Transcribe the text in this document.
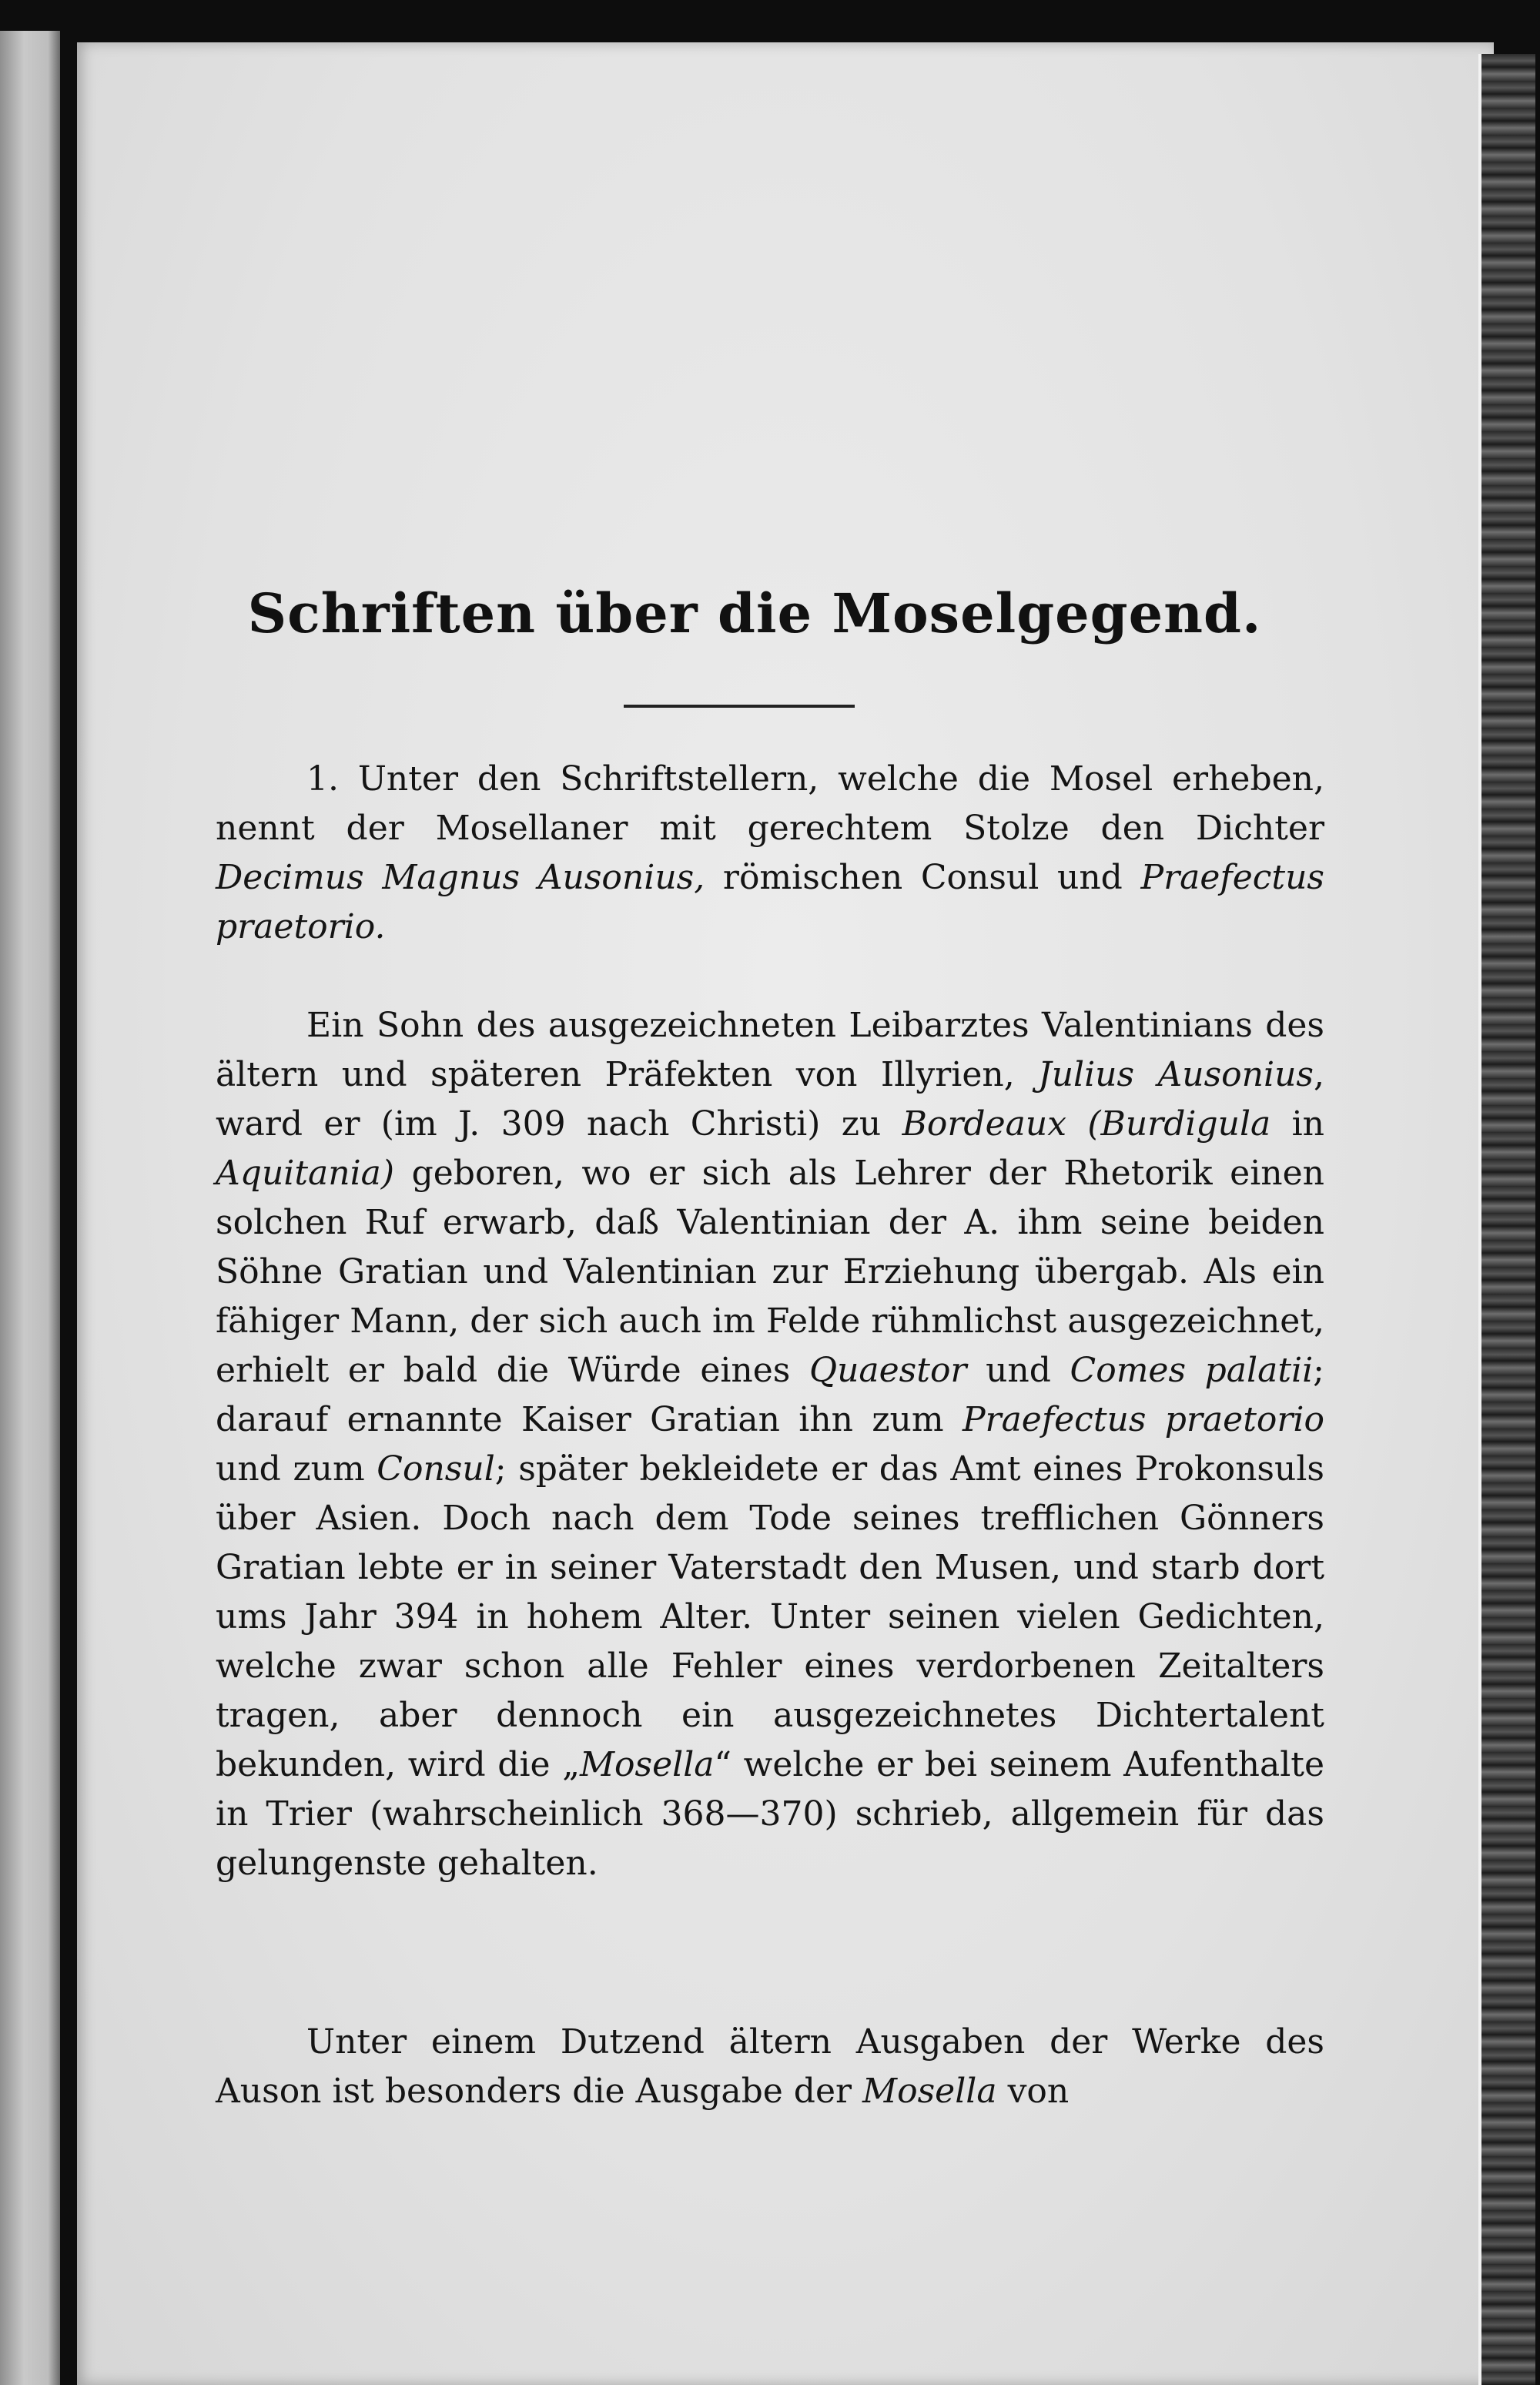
Schriften über die Moselgegend.

1. Unter den Schriftstellern, welche die Mosel erheben, nennt der Mosellaner mit gerechtem Stolze den Dichter Decimus Magnus Ausonius, römischen Consul und Praefectus praetorio.

Ein Sohn des ausgezeichneten Leibarztes Valentinians des ältern und späteren Präfekten von Illyrien, Julius Ausonius, ward er (im J. 309 nach Christi) zu Bordeaux (Burdigula in Aquitania) geboren, wo er sich als Lehrer der Rhetorik einen solchen Ruf erwarb, daß Valentinian der A. ihm seine beiden Söhne Gratian und Valentinian zur Erziehung übergab. Als ein fähiger Mann, der sich auch im Felde rühmlichst ausgezeichnet, erhielt er bald die Würde eines Quaestor und Comes palatii; darauf ernannte Kaiser Gratian ihn zum Praefectus praetorio und zum Consul; später bekleidete er das Amt eines Prokonsuls über Asien. Doch nach dem Tode seines trefflichen Gönners Gratian lebte er in seiner Vaterstadt den Musen, und starb dort ums Jahr 394 in hohem Alter. Unter seinen vielen Gedichten, welche zwar schon alle Fehler eines verdorbenen Zeitalters tragen, aber dennoch ein ausgezeichnetes Dichtertalent bekunden, wird die „Mosella“ welche er bei seinem Aufenthalte in Trier (wahrscheinlich 368—370) schrieb, allgemein für das gelungenste gehalten.

Unter einem Dutzend ältern Ausgaben der Werke des Auson ist besonders die Ausgabe der Mosella von
